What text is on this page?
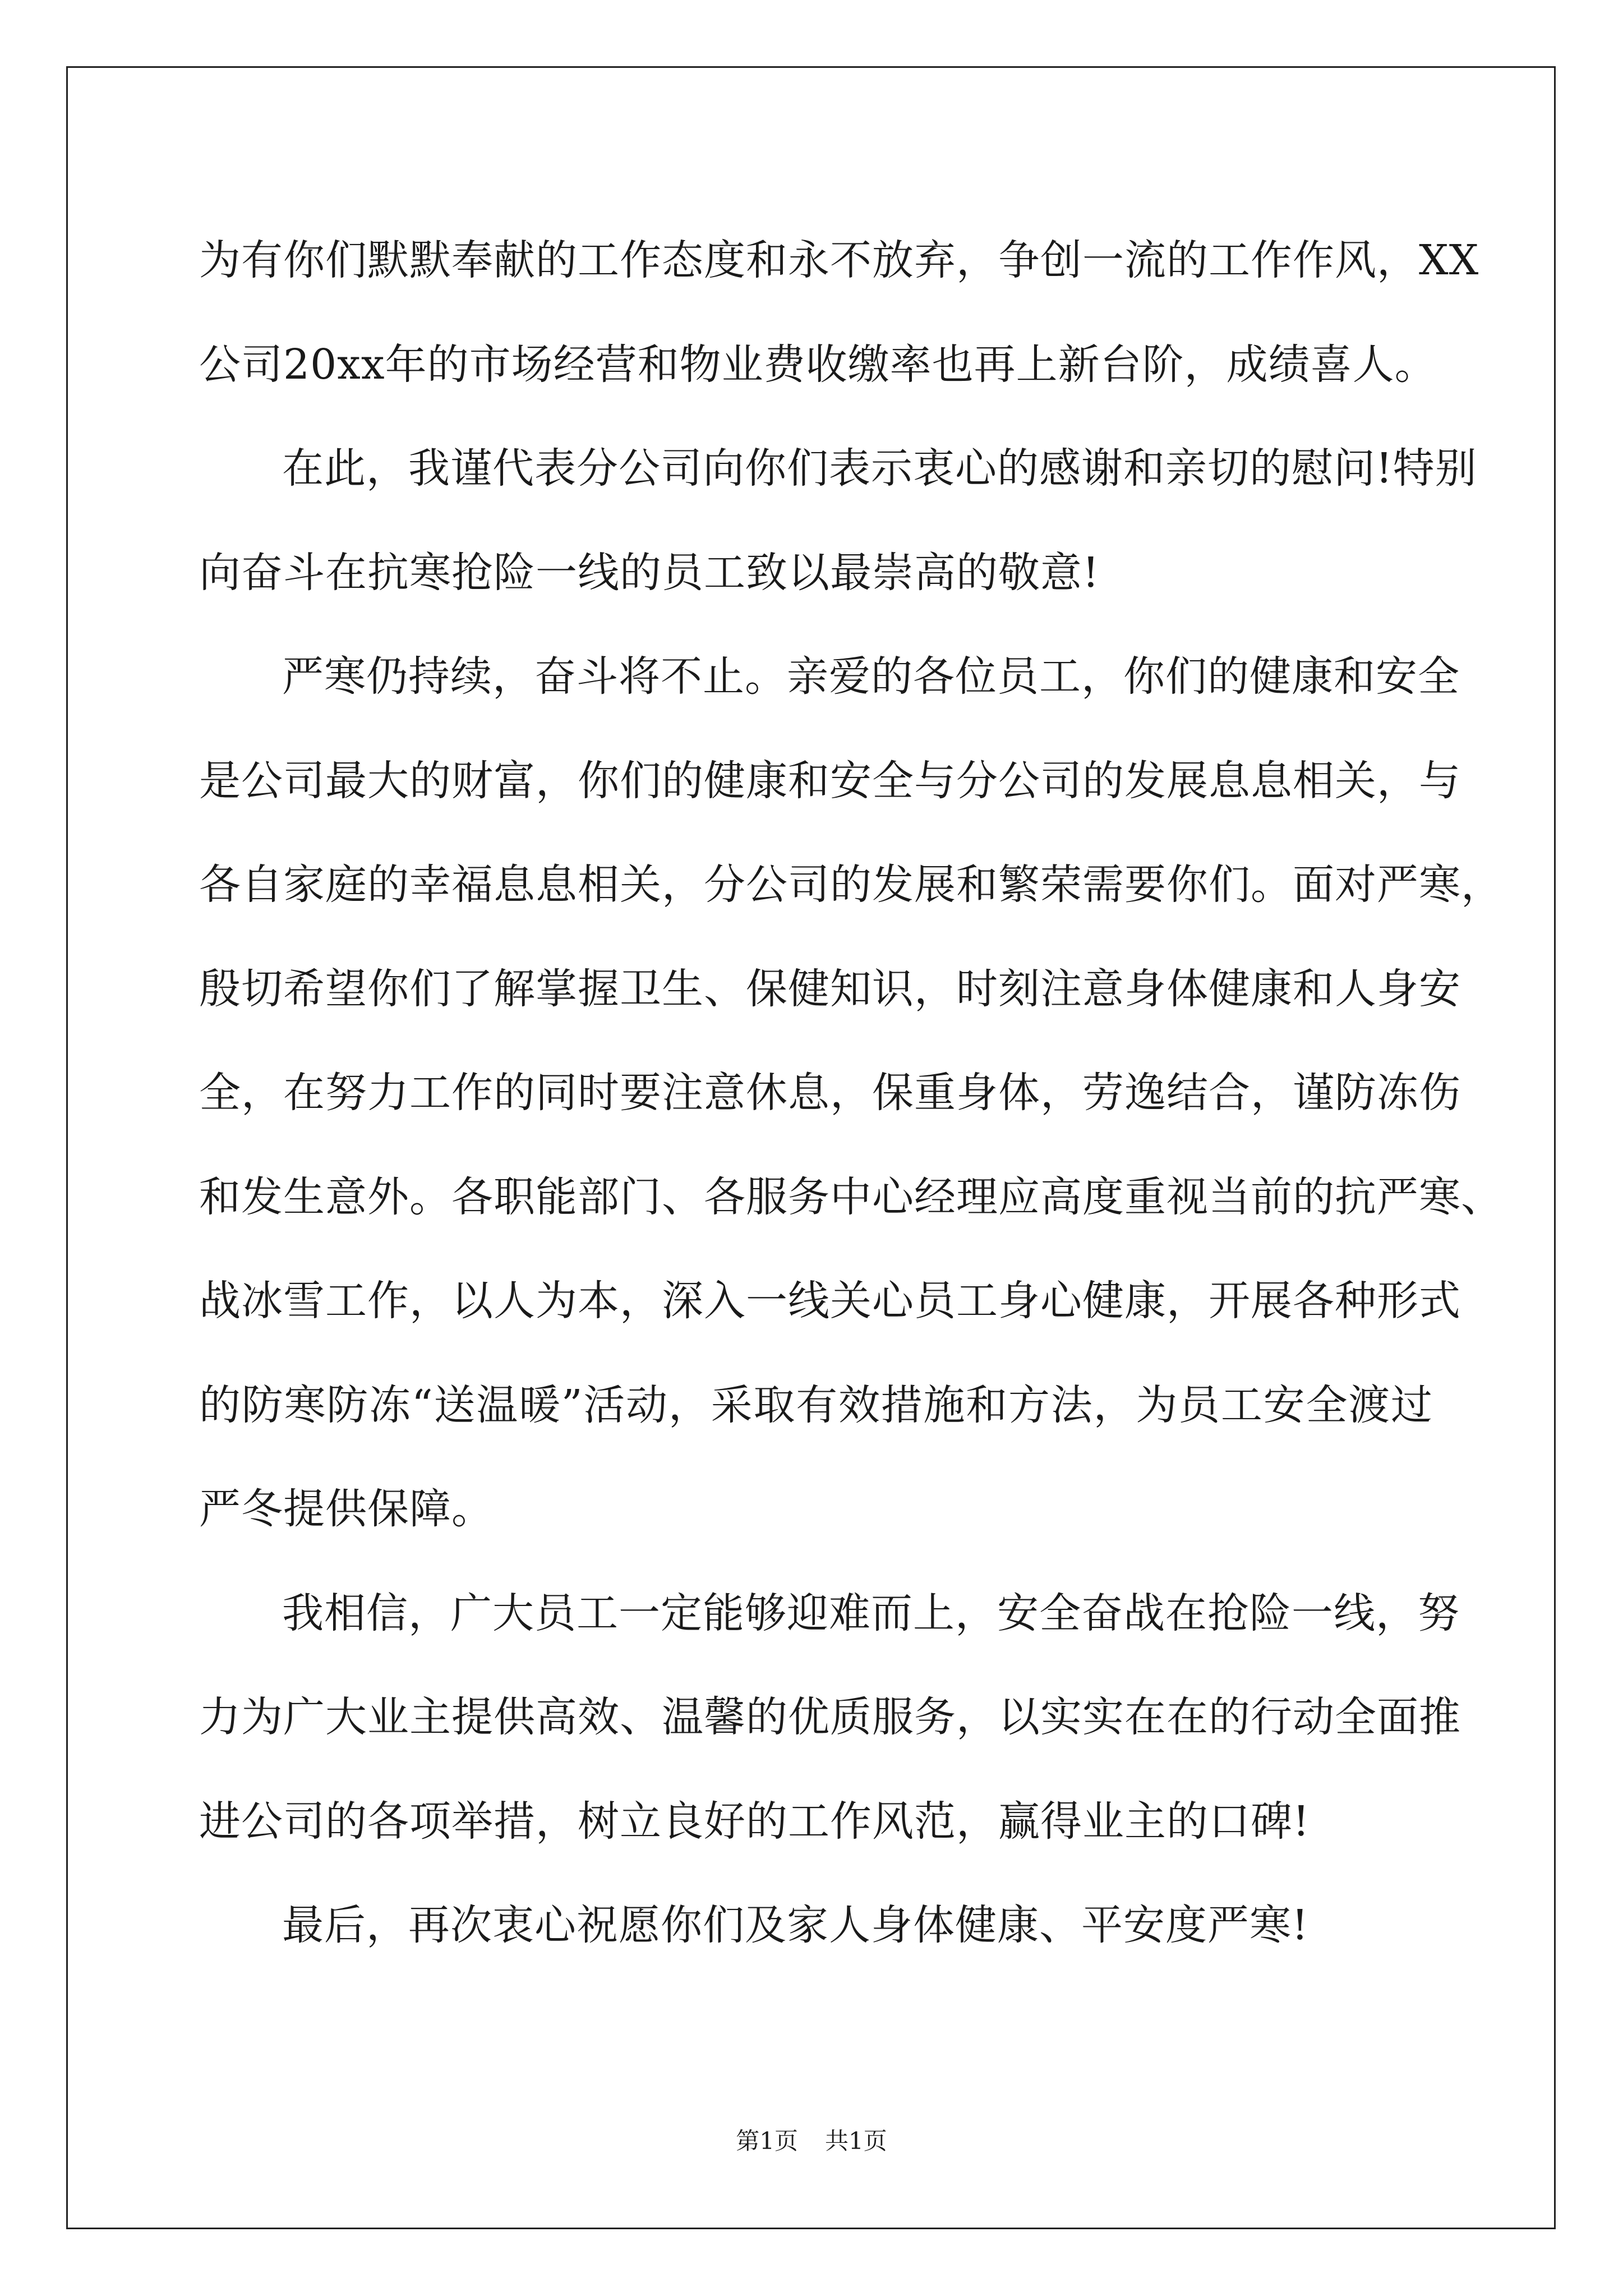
为有你们默默奉献的工作态度和永不放弃，争创一流的工作作风，XX
公司20xx年的市场经营和物业费收缴率也再上新台阶，成绩喜人。
在此，我谨代表分公司向你们表示衷心的感谢和亲切的慰问!特别
向奋斗在抗寒抢险一线的员工致以最崇高的敬意!
严寒仍持续，奋斗将不止。亲爱的各位员工，你们的健康和安全
是公司最大的财富，你们的健康和安全与分公司的发展息息相关，与
各自家庭的幸福息息相关，分公司的发展和繁荣需要你们。面对严寒，
殷切希望你们了解掌握卫生、保健知识，时刻注意身体健康和人身安
全，在努力工作的同时要注意休息，保重身体，劳逸结合，谨防冻伤
和发生意外。各职能部门、各服务中心经理应高度重视当前的抗严寒、
战冰雪工作，以人为本，深入一线关心员工身心健康，开展各种形式
的防寒防冻“送温暖”活动，采取有效措施和方法，为员工安全渡过
严冬提供保障。
我相信，广大员工一定能够迎难而上，安全奋战在抢险一线，努
力为广大业主提供高效、温馨的优质服务，以实实在在的行动全面推
进公司的各项举措，树立良好的工作风范，赢得业主的口碑!
最后，再次衷心祝愿你们及家人身体健康、平安度严寒!
第1页 共1页
